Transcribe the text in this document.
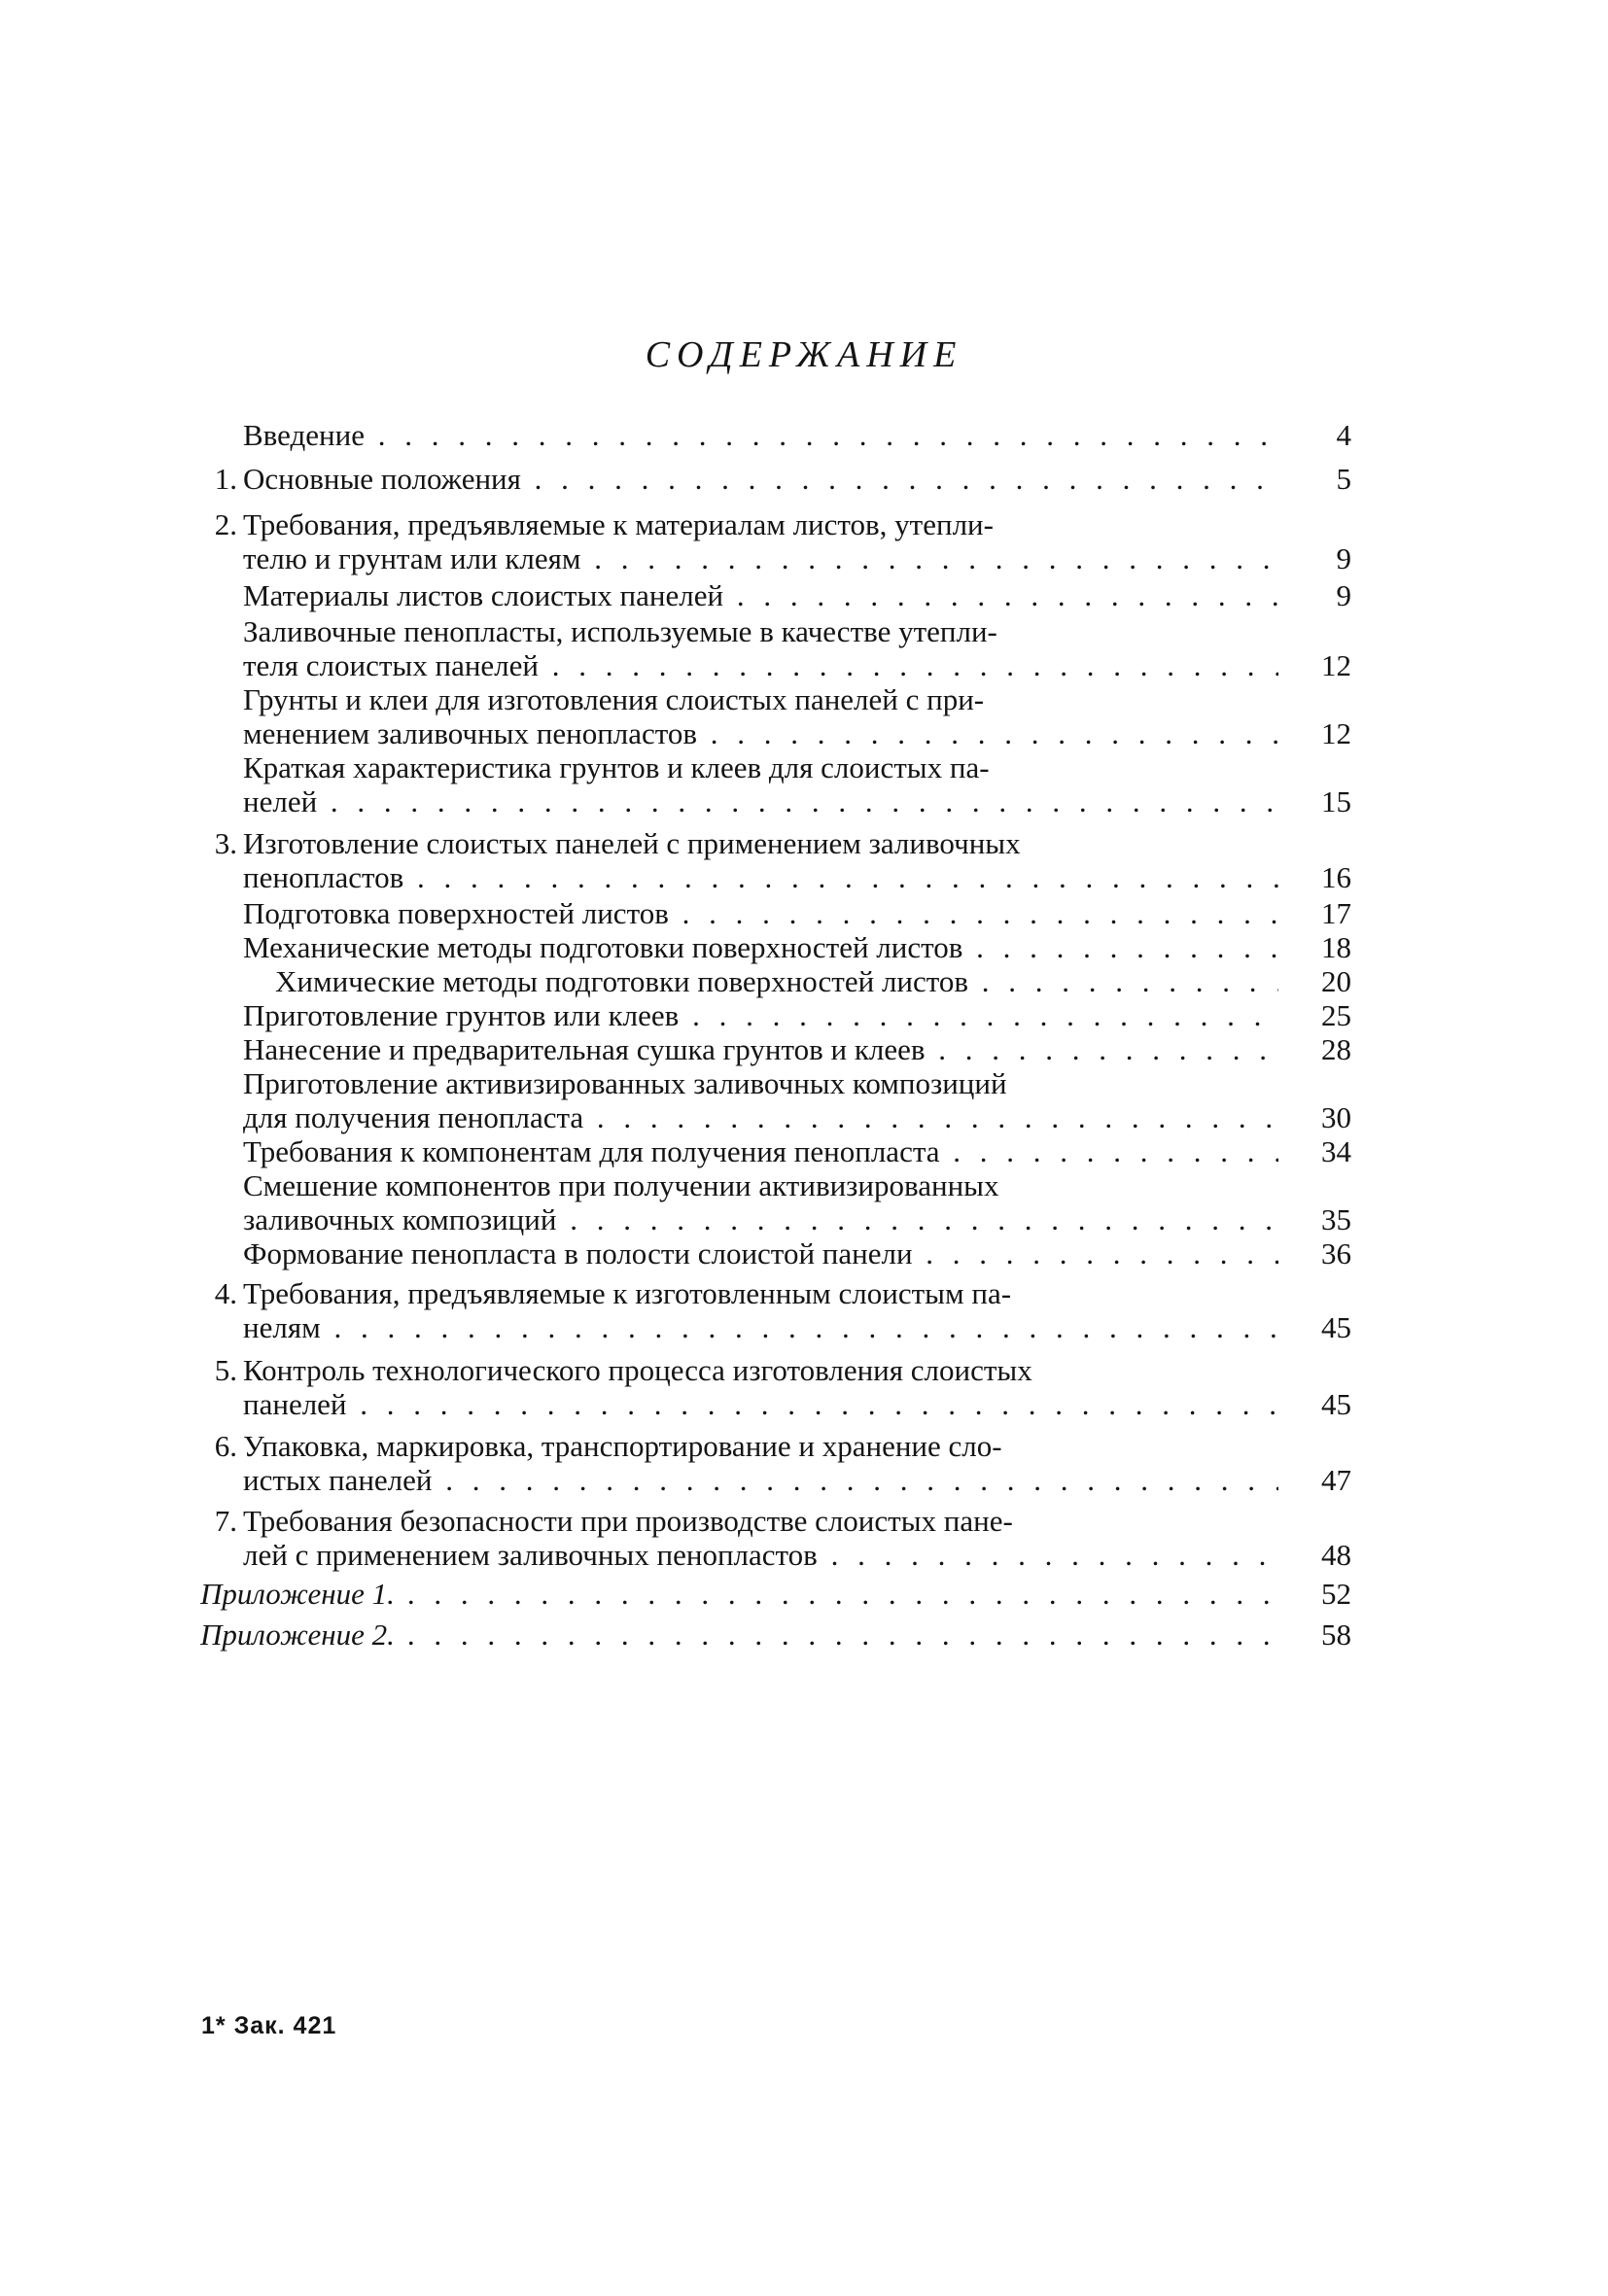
СОДЕРЖАНИЕ
Введение . . .	4
1. Основные положения . . .	5
2. Требования, предъявляемые к материалам листов, утепли-
телю и грунтам или клеям . . .	9
Материалы листов слоистых панелей . . .	9
Заливочные пенопласты, используемые в качестве утепли-
теля слоистых панелей . . .	12
Грунты и клеи для изготовления слоистых панелей с при-
менением заливочных пенопластов . . .	12
Краткая характеристика грунтов и клеев для слоистых па-
нелей . . .	15
3. Изготовление слоистых панелей с применением заливочных
пенопластов . . .	16
Подготовка поверхностей листов . . .	17
Механические методы подготовки поверхностей листов . . .	18
Химические методы подготовки поверхностей листов . . .	20
Приготовление грунтов или клеев . . .	25
Нанесение и предварительная сушка грунтов и клеев . . .	28
Приготовление активизированных заливочных композиций
для получения пенопласта . . .	30
Требования к компонентам для получения пенопласта . . .	34
Смешение компонентов при получении активизированных
заливочных композиций . . .	35
Формование пенопласта в полости слоистой панели . . .	36
4. Требования, предъявляемые к изготовленным слоистым па-
нелям . . .	45
5. Контроль технологического процесса изготовления слоистых
панелей . . .	45
6. Упаковка, маркировка, транспортирование и хранение сло-
истых панелей . . .	47
7. Требования безопасности при производстве слоистых пане-
лей с применением заливочных пенопластов . . .	48
Приложение 1. . . .	52
Приложение 2. . . .	58
1* Зак. 421
